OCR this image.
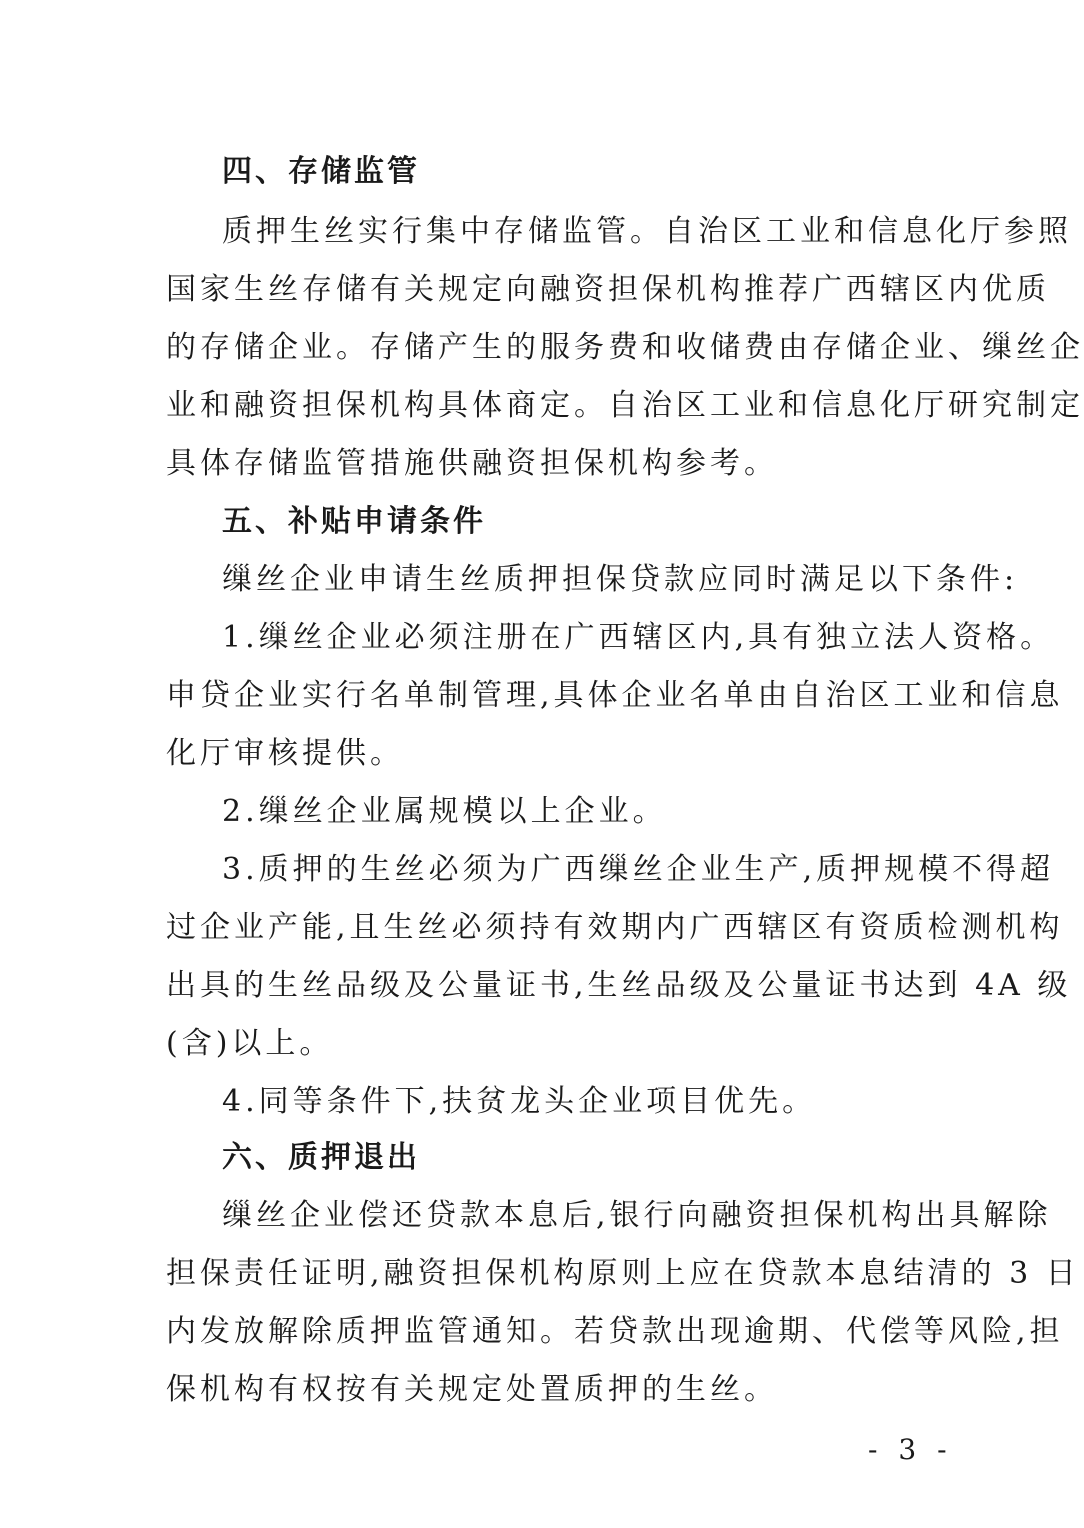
四、存储监管
质押生丝实行集中存储监管。自治区工业和信息化厅参照
国家生丝存储有关规定向融资担保机构推荐广西辖区内优质
的存储企业。存储产生的服务费和收储费由存储企业、缫丝企
业和融资担保机构具体商定。自治区工业和信息化厅研究制定
具体存储监管措施供融资担保机构参考。
五、补贴申请条件
缫丝企业申请生丝质押担保贷款应同时满足以下条件:
1.缫丝企业必须注册在广西辖区内,具有独立法人资格。
申贷企业实行名单制管理,具体企业名单由自治区工业和信息
化厅审核提供。
2.缫丝企业属规模以上企业。
3.质押的生丝必须为广西缫丝企业生产,质押规模不得超
过企业产能,且生丝必须持有效期内广西辖区有资质检测机构
出具的生丝品级及公量证书,生丝品级及公量证书达到 4A 级
(含)以上。
4.同等条件下,扶贫龙头企业项目优先。
六、质押退出
缫丝企业偿还贷款本息后,银行向融资担保机构出具解除
担保责任证明,融资担保机构原则上应在贷款本息结清的 3 日
内发放解除质押监管通知。若贷款出现逾期、代偿等风险,担
保机构有权按有关规定处置质押的生丝。
- 3 -
